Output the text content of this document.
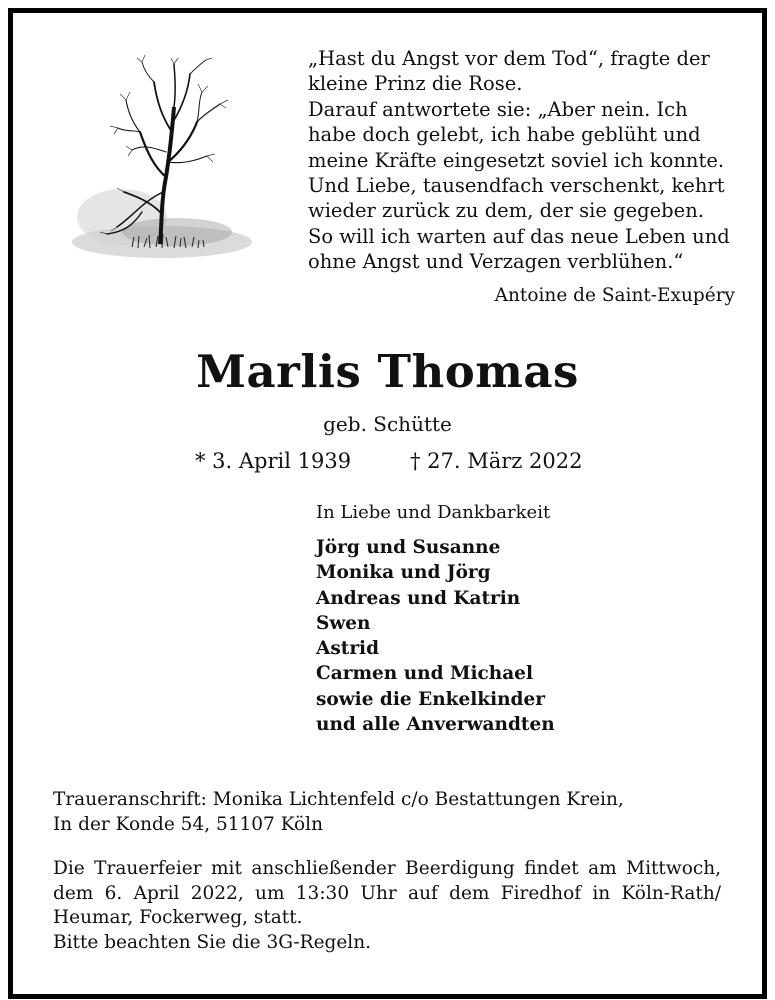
„Hast du Angst vor dem Tod“, fragte der
kleine Prinz die Rose.
Darauf antwortete sie: „Aber nein. Ich
habe doch gelebt, ich habe geblüht und
meine Kräfte eingesetzt soviel ich konnte.
Und Liebe, tausendfach verschenkt, kehrt
wieder zurück zu dem, der sie gegeben.
So will ich warten auf das neue Leben und
ohne Angst und Verzagen verblühen.“
Antoine de Saint-Exupéry
Marlis Thomas
geb. Schütte
* 3. April 1939	† 27. März 2022
In Liebe und Dankbarkeit
Jörg und Susanne
Monika und Jörg
Andreas und Katrin
Swen
Astrid
Carmen und Michael
sowie die Enkelkinder
und alle Anverwandten
Traueranschrift: Monika Lichtenfeld c/o Bestattungen Krein,
In der Konde 54, 51107 Köln
Die Trauerfeier mit anschließender Beerdigung findet am Mittwoch,
dem 6. April 2022, um 13:30 Uhr auf dem Firedhof in Köln-Rath/
Heumar, Fockerweg, statt.
Bitte beachten Sie die 3G-Regeln.
